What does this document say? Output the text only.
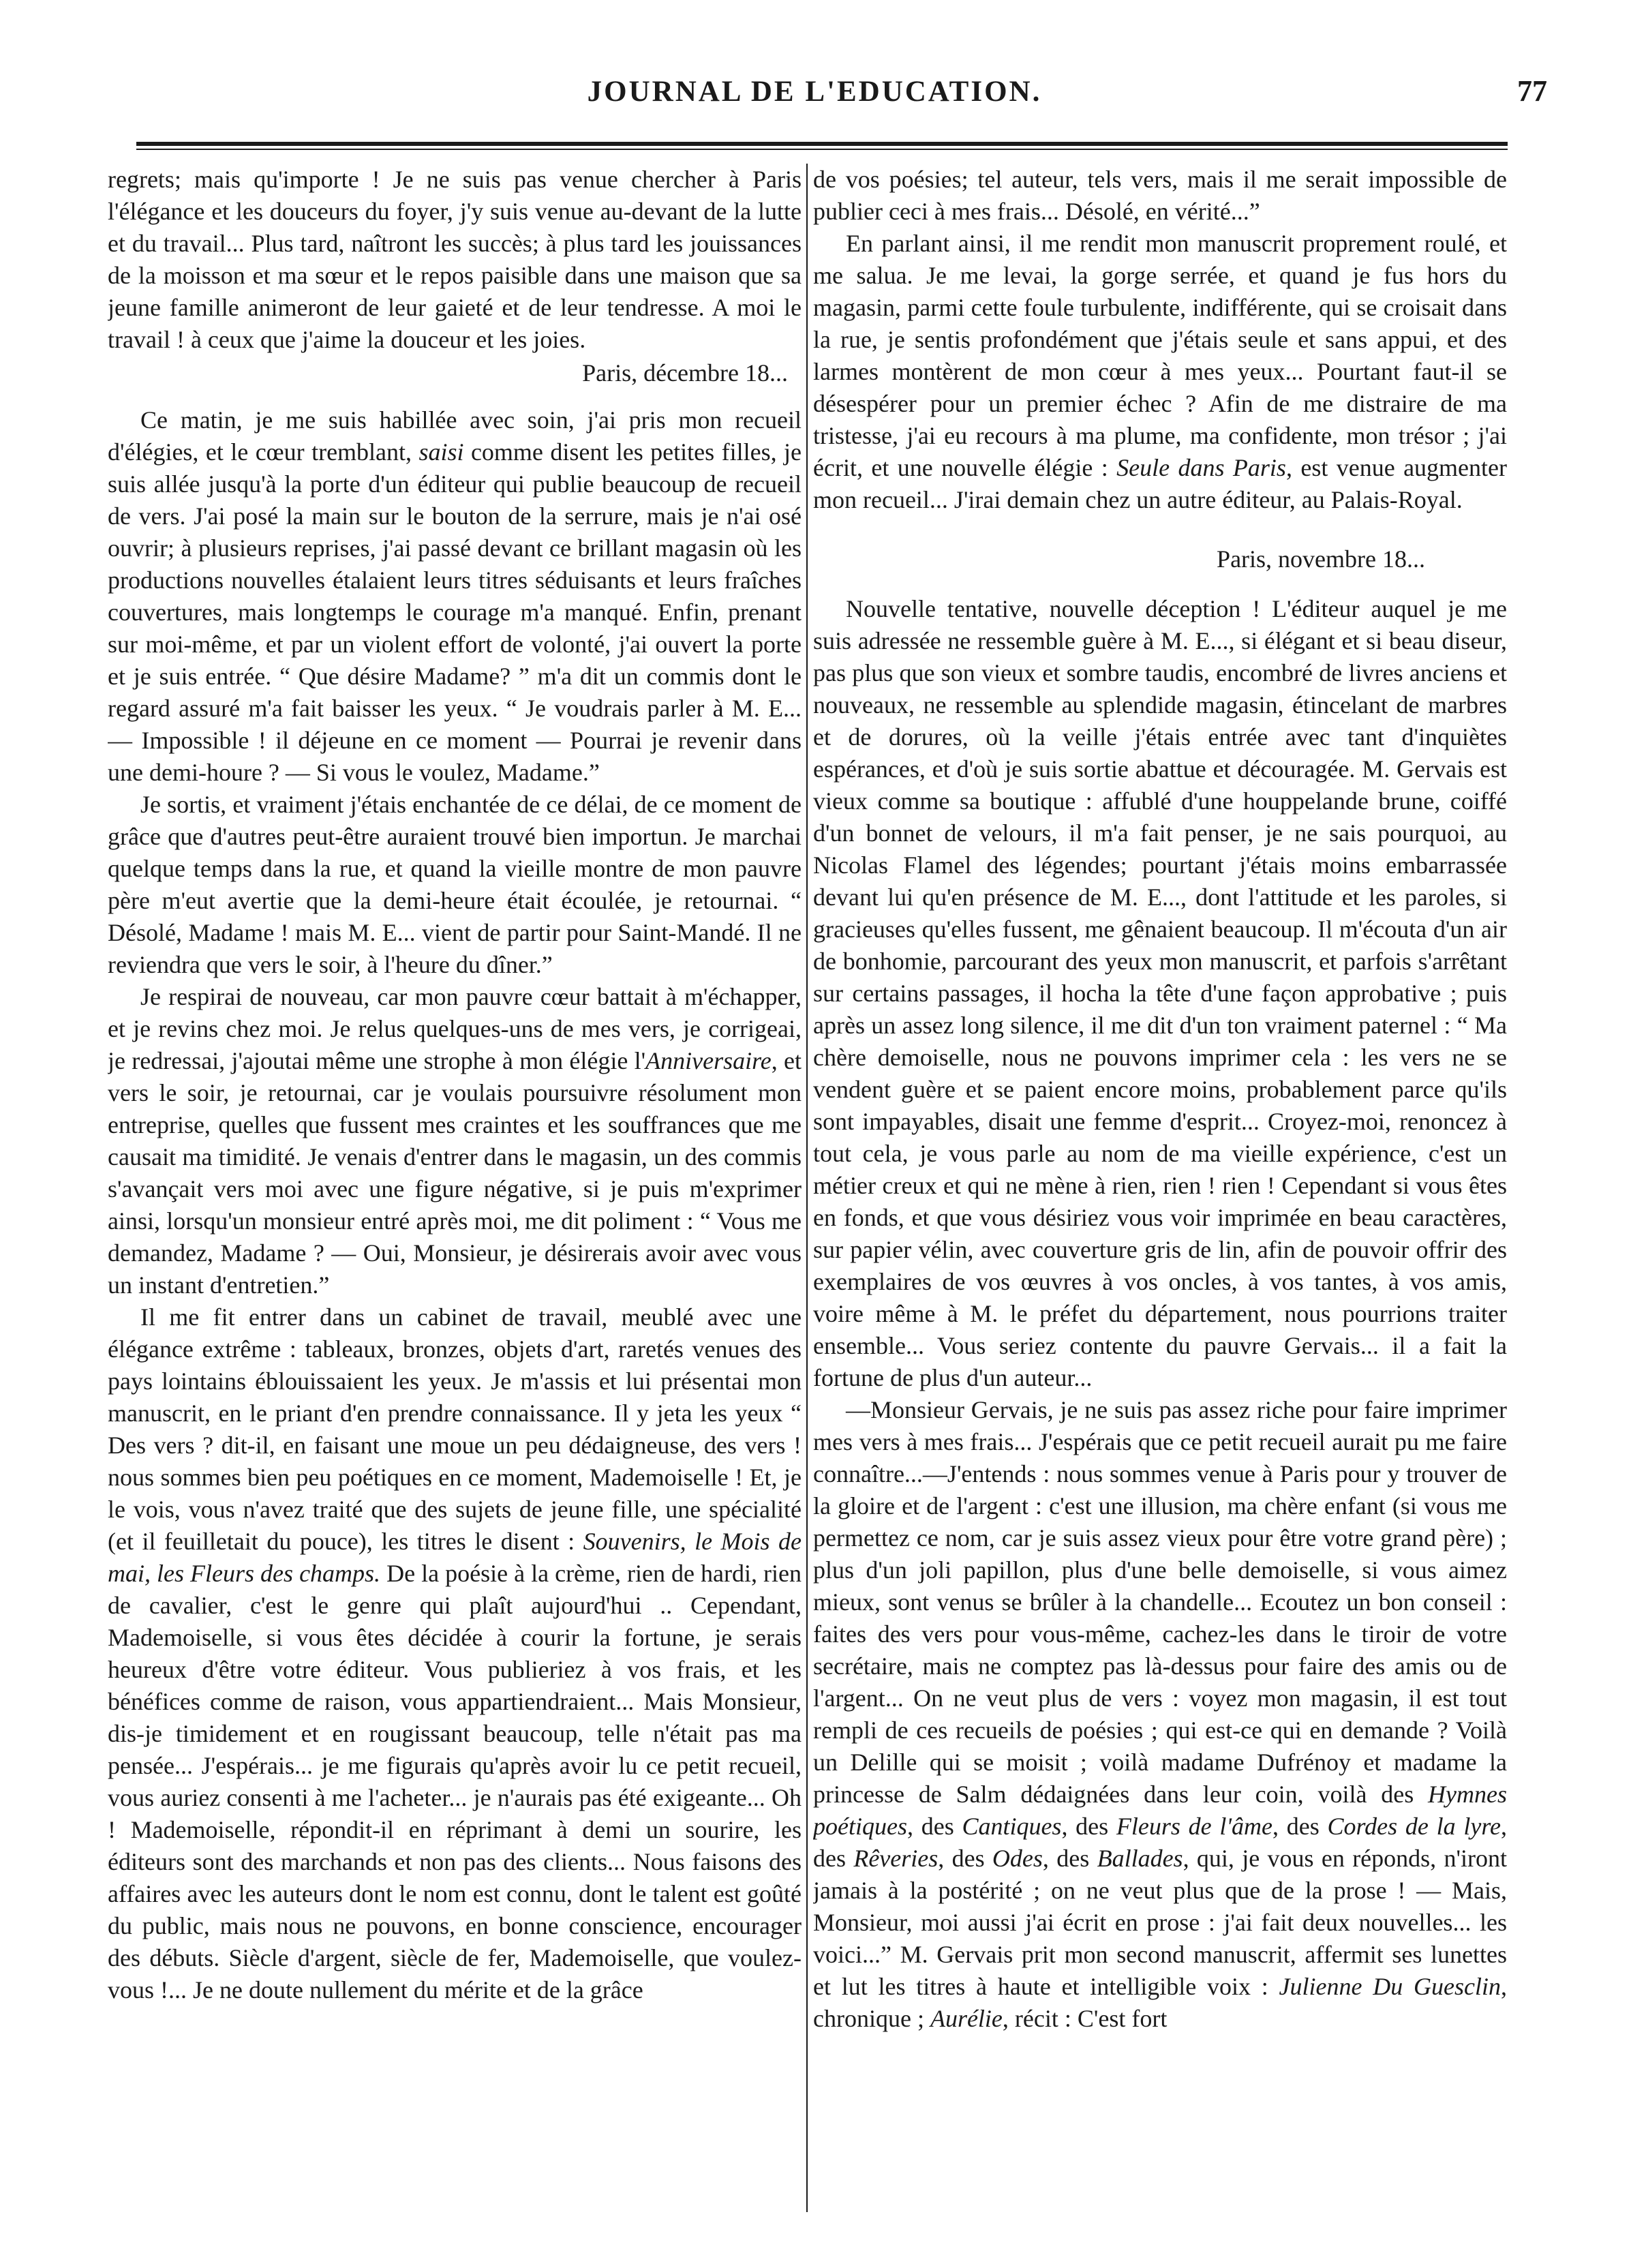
JOURNAL DE L'EDUCATION.	77

regrets; mais qu'importe ! Je ne suis pas venue chercher à Paris l'élégance et les douceurs du foyer, j'y suis venue au-devant de la lutte et du travail... Plus tard, naîtront les succès; à plus tard les jouissances de la moisson et ma sœur et le repos paisible dans une maison que sa jeune famille animeront de leur gaieté et de leur tendresse. A moi le travail ! à ceux que j'aime la douceur et les joies.

Paris, décembre 18...

Ce matin, je me suis habillée avec soin, j'ai pris mon recueil d'élégies, et le cœur tremblant, saisi comme disent les petites filles, je suis allée jusqu'à la porte d'un éditeur qui publie beaucoup de recueil de vers. J'ai posé la main sur le bouton de la serrure, mais je n'ai osé ouvrir; à plusieurs reprises, j'ai passé devant ce brillant magasin où les productions nouvelles étalaient leurs titres séduisants et leurs fraîches couvertures, mais longtemps le courage m'a manqué. Enfin, prenant sur moi-même, et par un violent effort de volonté, j'ai ouvert la porte et je suis entrée. “ Que désire Madame? ” m'a dit un commis dont le regard assuré m'a fait baisser les yeux. “ Je voudrais parler à M. E... — Impossible ! il déjeune en ce moment — Pourrai je revenir dans une demi-houre ? — Si vous le voulez, Madame.”

Je sortis, et vraiment j'étais enchantée de ce délai, de ce moment de grâce que d'autres peut-être auraient trouvé bien importun. Je marchai quelque temps dans la rue, et quand la vieille montre de mon pauvre père m'eut avertie que la demi-heure était écoulée, je retournai. “ Désolé, Madame ! mais M. E... vient de partir pour Saint-Mandé. Il ne reviendra que vers le soir, à l'heure du dîner.”

Je respirai de nouveau, car mon pauvre cœur battait à m'échapper, et je revins chez moi. Je relus quelques-uns de mes vers, je corrigeai, je redressai, j'ajoutai même une strophe à mon élégie l'Anniversaire, et vers le soir, je retournai, car je voulais poursuivre résolument mon entreprise, quelles que fussent mes craintes et les souffrances que me causait ma timidité. Je venais d'entrer dans le magasin, un des commis s'avançait vers moi avec une figure négative, si je puis m'exprimer ainsi, lorsqu'un monsieur entré après moi, me dit poliment : “ Vous me demandez, Madame ? — Oui, Monsieur, je désirerais avoir avec vous un instant d'entretien.”

Il me fit entrer dans un cabinet de travail, meublé avec une élégance extrême : tableaux, bronzes, objets d'art, raretés venues des pays lointains éblouissaient les yeux. Je m'assis et lui présentai mon manuscrit, en le priant d'en prendre connaissance. Il y jeta les yeux “ Des vers ? dit-il, en faisant une moue un peu dédaigneuse, des vers ! nous sommes bien peu poétiques en ce moment, Mademoiselle ! Et, je le vois, vous n'avez traité que des sujets de jeune fille, une spécialité (et il feuilletait du pouce), les titres le disent : Souvenirs, le Mois de mai, les Fleurs des champs. De la poésie à la crème, rien de hardi, rien de cavalier, c'est le genre qui plaît aujourd'hui .. Cependant, Mademoiselle, si vous êtes décidée à courir la fortune, je serais heureux d'être votre éditeur. Vous publieriez à vos frais, et les bénéfices comme de raison, vous appartiendraient... Mais Monsieur, dis-je timidement et en rougissant beaucoup, telle n'était pas ma pensée... J'espérais... je me figurais qu'après avoir lu ce petit recueil, vous auriez consenti à me l'acheter... je n'aurais pas été exigeante... Oh ! Mademoiselle, répondit-il en réprimant à demi un sourire, les éditeurs sont des marchands et non pas des clients... Nous faisons des affaires avec les auteurs dont le nom est connu, dont le talent est goûté du public, mais nous ne pouvons, en bonne conscience, encourager des débuts. Siècle d'argent, siècle de fer, Mademoiselle, que voulez-vous !... Je ne doute nullement du mérite et de la grâce

de vos poésies; tel auteur, tels vers, mais il me serait impossible de publier ceci à mes frais... Désolé, en vérité...”

En parlant ainsi, il me rendit mon manuscrit proprement roulé, et me salua. Je me levai, la gorge serrée, et quand je fus hors du magasin, parmi cette foule turbulente, indifférente, qui se croisait dans la rue, je sentis profondément que j'étais seule et sans appui, et des larmes montèrent de mon cœur à mes yeux... Pourtant faut-il se désespérer pour un premier échec ? Afin de me distraire de ma tristesse, j'ai eu recours à ma plume, ma confidente, mon trésor ; j'ai écrit, et une nouvelle élégie : Seule dans Paris, est venue augmenter mon recueil... J'irai demain chez un autre éditeur, au Palais-Royal.

Paris, novembre 18...

Nouvelle tentative, nouvelle déception ! L'éditeur auquel je me suis adressée ne ressemble guère à M. E..., si élégant et si beau diseur, pas plus que son vieux et sombre taudis, encombré de livres anciens et nouveaux, ne ressemble au splendide magasin, étincelant de marbres et de dorures, où la veille j'étais entrée avec tant d'inquiètes espérances, et d'où je suis sortie abattue et découragée. M. Gervais est vieux comme sa boutique : affublé d'une houppelande brune, coiffé d'un bonnet de velours, il m'a fait penser, je ne sais pourquoi, au Nicolas Flamel des légendes; pourtant j'étais moins embarrassée devant lui qu'en présence de M. E..., dont l'attitude et les paroles, si gracieuses qu'elles fussent, me gênaient beaucoup. Il m'écouta d'un air de bonhomie, parcourant des yeux mon manuscrit, et parfois s'arrêtant sur certains passages, il hocha la tête d'une façon approbative ; puis après un assez long silence, il me dit d'un ton vraiment paternel : “ Ma chère demoiselle, nous ne pouvons imprimer cela : les vers ne se vendent guère et se paient encore moins, probablement parce qu'ils sont impayables, disait une femme d'esprit... Croyez-moi, renoncez à tout cela, je vous parle au nom de ma vieille expérience, c'est un métier creux et qui ne mène à rien, rien ! rien ! Cependant si vous êtes en fonds, et que vous désiriez vous voir imprimée en beau caractères, sur papier vélin, avec couverture gris de lin, afin de pouvoir offrir des exemplaires de vos œuvres à vos oncles, à vos tantes, à vos amis, voire même à M. le préfet du département, nous pourrions traiter ensemble... Vous seriez contente du pauvre Gervais... il a fait la fortune de plus d'un auteur...

—Monsieur Gervais, je ne suis pas assez riche pour faire imprimer mes vers à mes frais... J'espérais que ce petit recueil aurait pu me faire connaître...—J'entends : nous sommes venue à Paris pour y trouver de la gloire et de l'argent : c'est une illusion, ma chère enfant (si vous me permettez ce nom, car je suis assez vieux pour être votre grand père) ; plus d'un joli papillon, plus d'une belle demoiselle, si vous aimez mieux, sont venus se brûler à la chandelle... Ecoutez un bon conseil : faites des vers pour vous-même, cachez-les dans le tiroir de votre secrétaire, mais ne comptez pas là-dessus pour faire des amis ou de l'argent... On ne veut plus de vers : voyez mon magasin, il est tout rempli de ces recueils de poésies ; qui est-ce qui en demande ? Voilà un Delille qui se moisit ; voilà madame Dufrénoy et madame la princesse de Salm dédaignées dans leur coin, voilà des Hymnes poétiques, des Cantiques, des Fleurs de l'âme, des Cordes de la lyre, des Rêveries, des Odes, des Ballades, qui, je vous en réponds, n'iront jamais à la postérité ; on ne veut plus que de la prose ! — Mais, Monsieur, moi aussi j'ai écrit en prose : j'ai fait deux nouvelles... les voici...” M. Gervais prit mon second manuscrit, affermit ses lunettes et lut les titres à haute et intelligible voix : Julienne Du Guesclin, chronique ; Aurélie, récit : C'est fort
